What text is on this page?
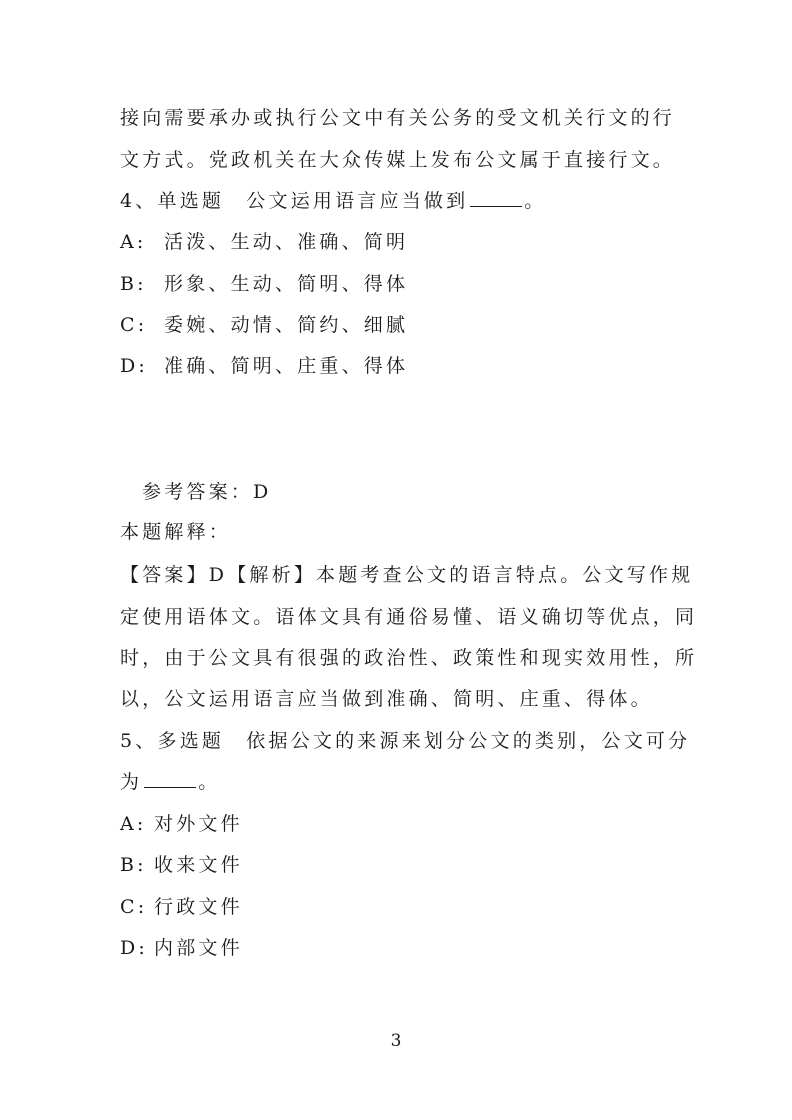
接向需要承办或执行公文中有关公务的受文机关行文的行
文方式。党政机关在大众传媒上发布公文属于直接行文。
4、单选题　公文运用语言应当做到	。
A: 活泼、生动、准确、简明
B: 形象、生动、简明、得体
C: 委婉、动情、简约、细腻
D: 准确、简明、庄重、得体
参考答案：D
本题解释：
【答案】D【解析】本题考查公文的语言特点。公文写作规
定使用语体文。语体文具有通俗易懂、语义确切等优点，同
时，由于公文具有很强的政治性、政策性和现实效用性，所
以，公文运用语言应当做到准确、简明、庄重、得体。
5、多选题　依据公文的来源来划分公文的类别，公文可分
为	。
A: 对外文件
B: 收来文件
C: 行政文件
D: 内部文件
3
